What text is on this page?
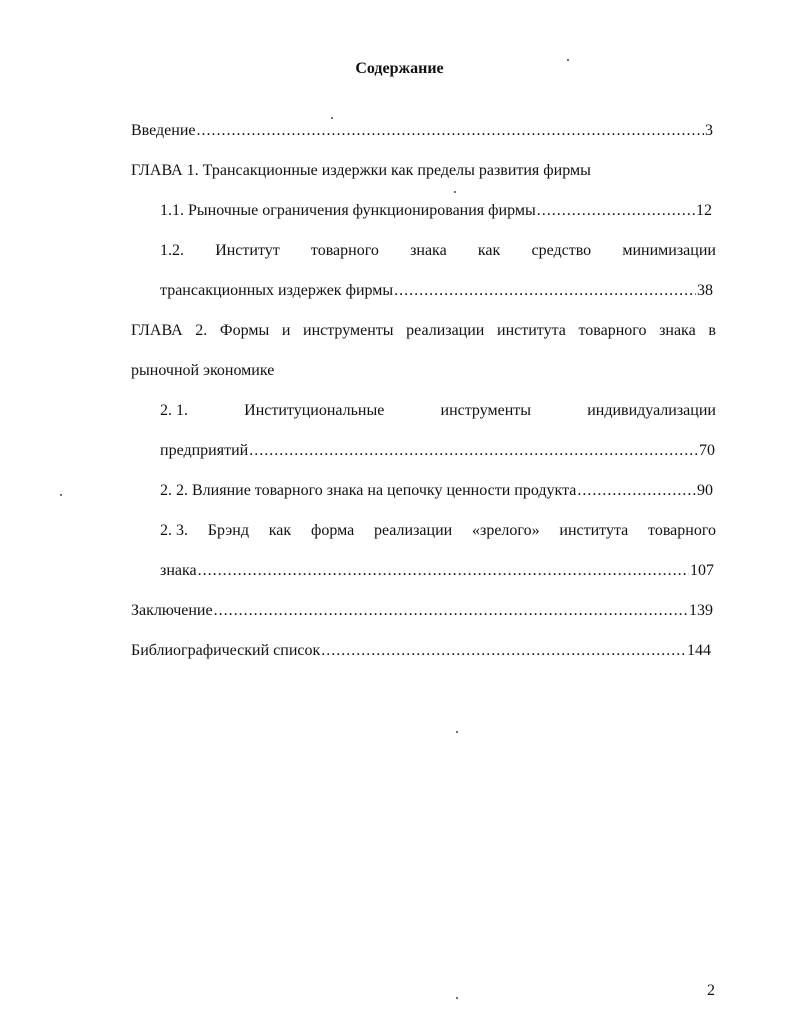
Содержание
Введение .....	3
ГЛАВА 1. Трансакционные издержки как пределы развития фирмы
1.1. Рыночные ограничения функционирования фирмы .....	12
1.2. Институт товарного знака как средство минимизации
трансакционных издержек фирмы .....	38
ГЛАВА 2. Формы и инструменты реализации института товарного знака в
рыночной экономике
2. 1.	Институциональные	инструменты	индивидуализации
предприятий .....	70
2. 2. Влияние товарного знака на цепочку ценности продукта .....	90
2. 3. Брэнд как форма реализации «зрелого» института товарного
знака .....	107
Заключение .....	139
Библиографический список .....	144
2
